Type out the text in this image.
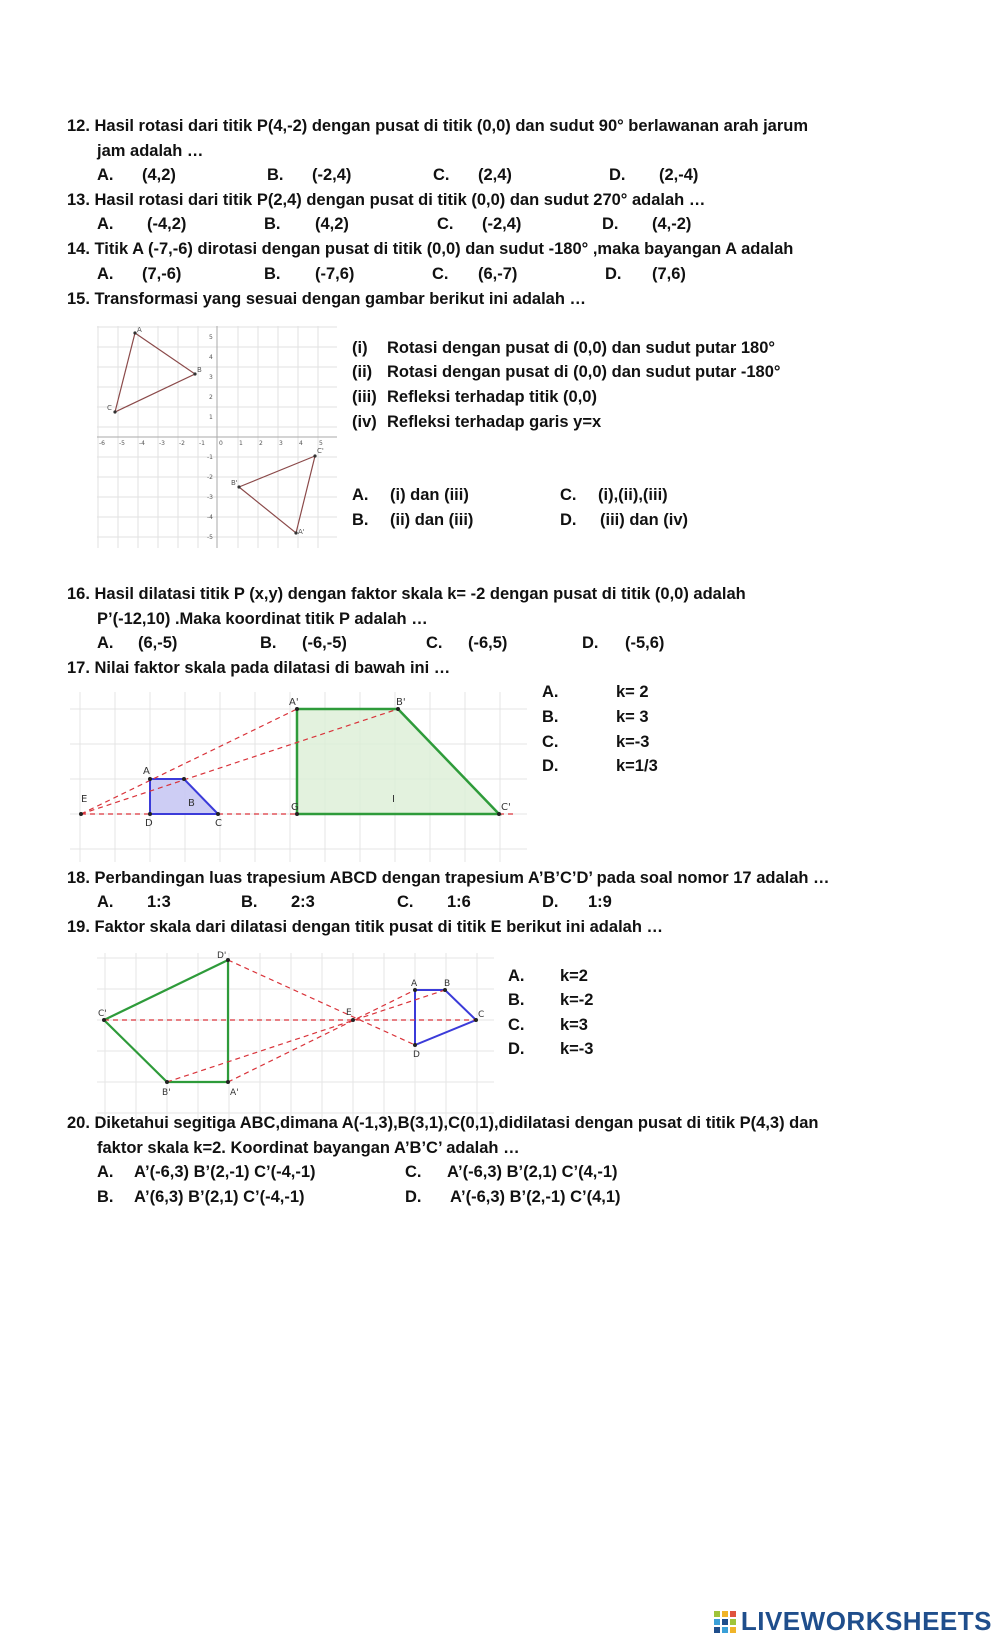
12. Hasil rotasi dari titik P(4,-2) dengan pusat di titik (0,0) dan sudut 90° berlawanan arah jarum
jam adalah …
A. (4,2)	B. (-2,4)	C. (2,4)	D. (2,-4)
13. Hasil rotasi dari titik P(2,4) dengan pusat di titik (0,0) dan sudut 270° adalah …
A. (-4,2)	B. (4,2)	C. (-2,4)	D. (4,-2)
14. Titik A (-7,-6) dirotasi dengan pusat di titik (0,0) dan sudut -180° ,maka bayangan A adalah
A. (7,-6)	B. (-7,6)	C. (6,-7)	D. (7,6)
15. Transformasi yang sesuai dengan gambar berikut ini adalah …
-6 -5 -4 -3 -2 -1 0	1	2	3	4	5
5
4
3
2
1
-1
-2
-3
-4
-5
A
B
C
A'
B'
C'
(i) Rotasi dengan pusat di (0,0) dan sudut putar 180°
(ii) Rotasi dengan pusat di (0,0) dan sudut putar -180°
(iii) Refleksi terhadap titik (0,0)
(iv) Refleksi terhadap garis y=x
A. (i) dan (iii)
B. (ii) dan (iii)
C. (i),(ii),(iii)
D. (iii) dan (iv)
16. Hasil dilatasi titik P (x,y) dengan faktor skala k= -2 dengan pusat di titik (0,0) adalah
P’(-12,10) .Maka koordinat titik P adalah …
A. (6,-5)	B. (-6,-5)	C. (-6,5)	D. (-5,6)
17. Nilai faktor skala pada dilatasi di bawah ini …
A'	B'
A
E	B	G	C'
D	C
I
A.	k= 2
B.	k= 3
C.	k=-3
D.	k=1/3
18. Perbandingan luas trapesium ABCD dengan trapesium A’B’C’D’ pada soal nomor 17 adalah …
A. 1:3	B. 2:3	C. 1:6	D. 1:9
19. Faktor skala dari dilatasi dengan titik pusat di titik E berikut ini adalah …
D'
C'
B'	A'
E
A	B
C
D
A. k=2
B. k=-2
C. k=3
D. k=-3
20. Diketahui segitiga ABC,dimana A(-1,3),B(3,1),C(0,1),didilatasi dengan pusat di titik P(4,3) dan
faktor skala k=2. Koordinat bayangan A’B’C’ adalah …
A. A’(-6,3) B’(2,-1) C’(-4,-1)
B. A’(6,3) B’(2,1) C’(-4,-1)
C. A’(-6,3) B’(2,1) C’(4,-1)
D. A’(-6,3) B’(2,-1) C’(4,1)
LIVEWORKSHEETS
